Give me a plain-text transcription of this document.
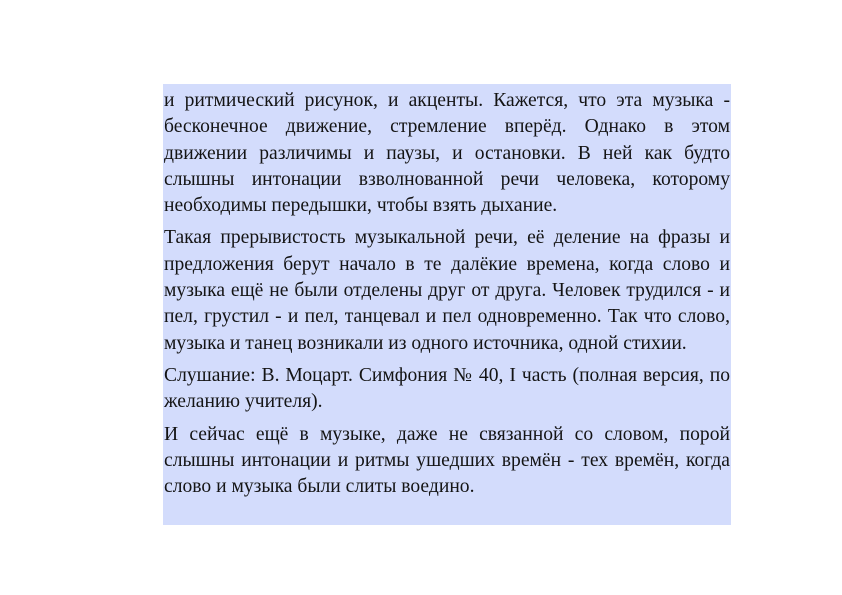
и ритмический рисунок, и акценты. Кажется, что эта музыка - бесконечное движение, стремление вперёд. Однако в этом движении различимы и паузы, и остановки. В ней как будто слышны интонации взволнованной речи человека, которому необходимы передышки, чтобы взять дыхание.

Такая прерывистость музыкальной речи, её деление на фразы и предложения берут начало в те далёкие времена, когда слово и музыка ещё не были отделены друг от друга. Человек трудился - и пел, грустил - и пел, танцевал и пел одновременно. Так что слово, музыка и танец возникали из одного источника, одной стихии.

Слушание: В. Моцарт. Симфония № 40, I часть (полная версия, по желанию учителя).

И сейчас ещё в музыке, даже не связанной со словом, порой слышны интонации и ритмы ушедших времён - тех времён, когда слово и музыка были слиты воедино.
